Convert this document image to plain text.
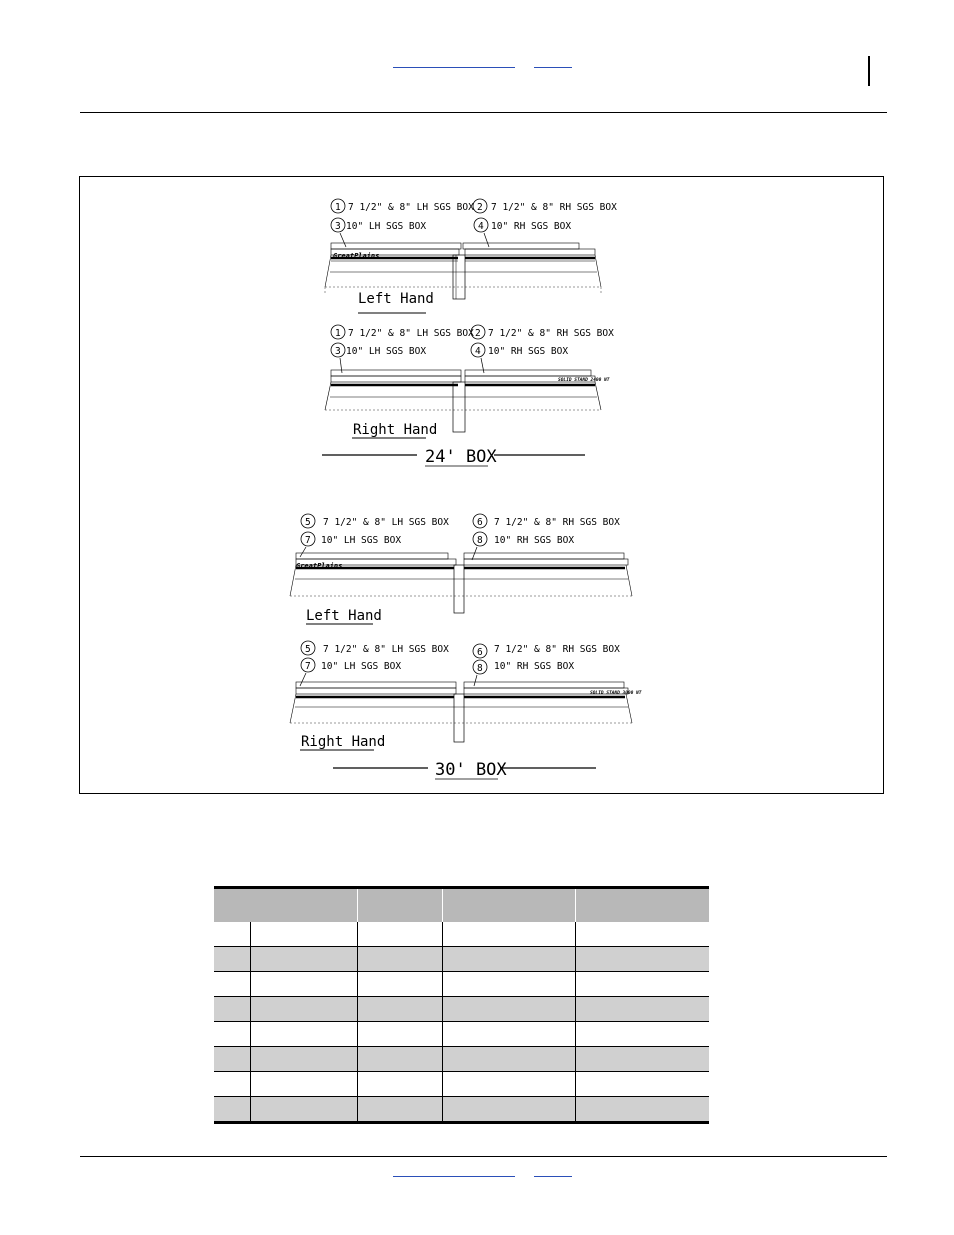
1 7 1/2" & 8" LH SGS BOX 2 7 1/2" & 8" RH SGS BOX
3 10" LH SGS BOX	4 10" RH SGS BOX
GreatPlains
Left Hand
1 7 1/2" & 8" LH SGS BOX 2 7 1/2" & 8" RH SGS BOX
3 10" LH SGS BOX	4 10" RH SGS BOX
SOLID STAND 2400 NT
Right Hand
24' BOX
5 7 1/2" & 8" LH SGS BOX	6 7 1/2" & 8" RH SGS BOX
7 10" LH SGS BOX	8 10" RH SGS BOX
GreatPlains
Left Hand
5 7 1/2" & 8" LH SGS BOX	6 7 1/2" & 8" RH SGS BOX
7 10" LH SGS BOX	8 10" RH SGS BOX
SOLID STAND 3000 NT
Right Hand
30' BOX
